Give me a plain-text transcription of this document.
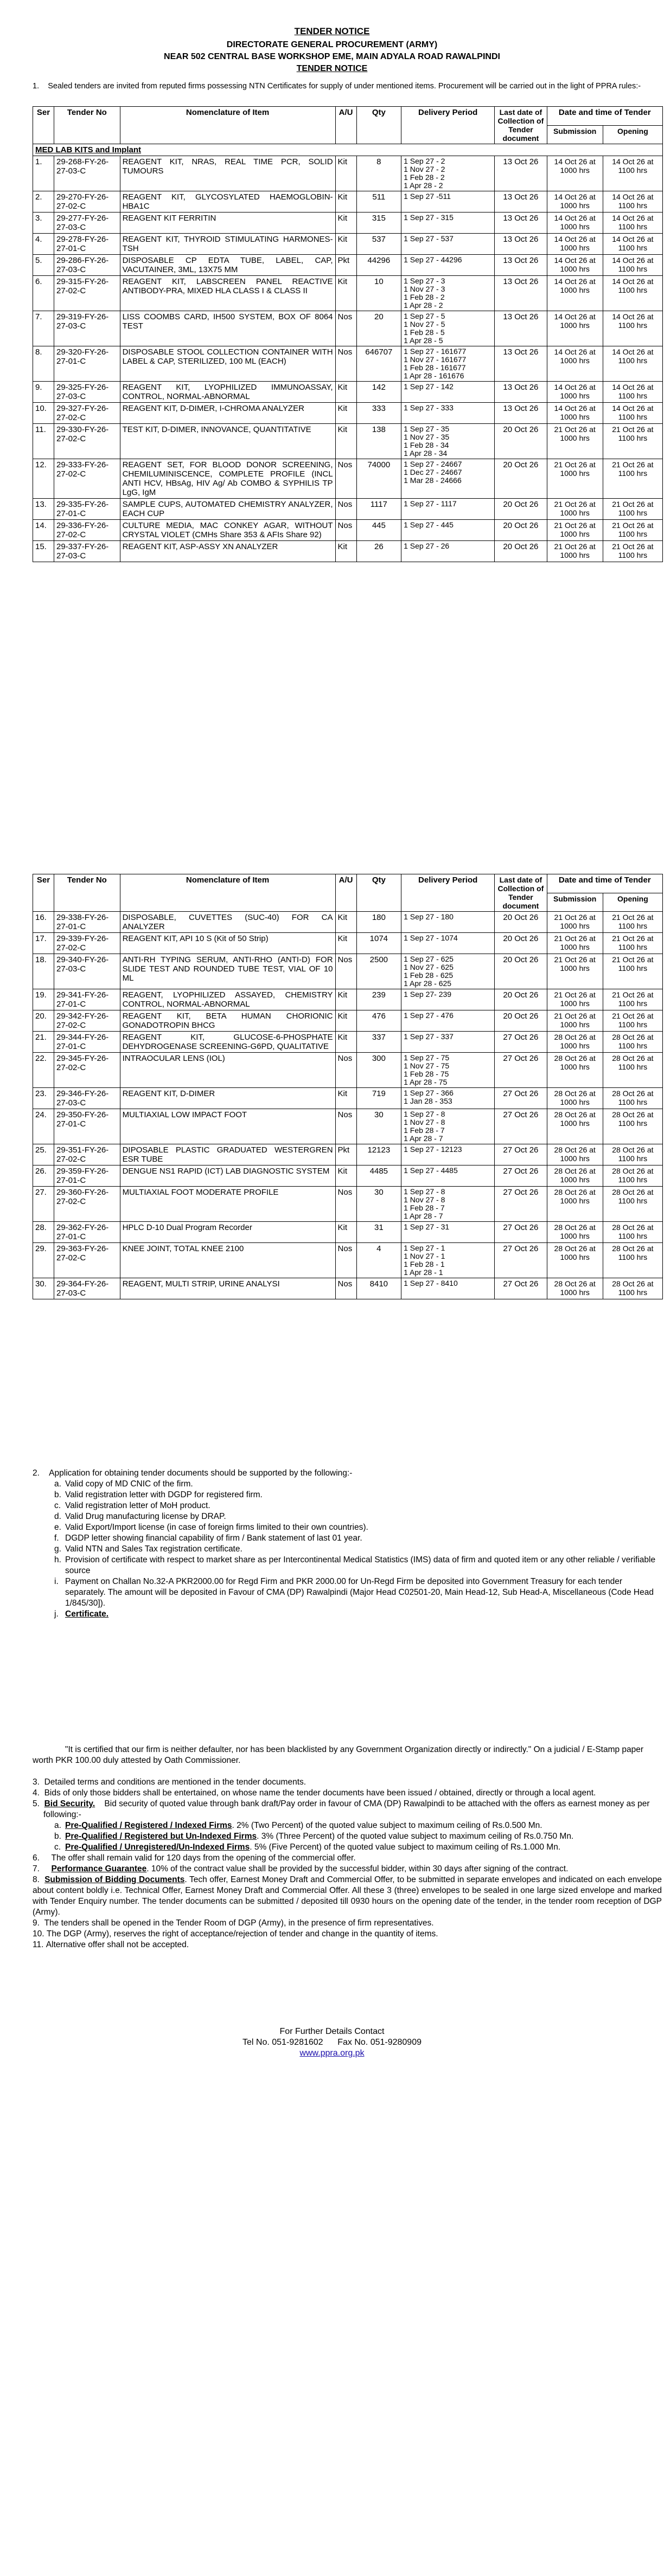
TENDER NOTICE
DIRECTORATE GENERAL PROCUREMENT (ARMY)
NEAR 502 CENTRAL BASE WORKSHOP EME, MAIN ADYALA ROAD RAWALPINDI
TENDER NOTICE
1. Sealed tenders are invited from reputed firms possessing NTN Certificates for supply of under mentioned items. Procurement will be carried out in the light of PPRA rules:-
Ser	Tender No	Nomenclature of Item	A/U	Qty	Delivery Period	Last date of Collection of Tender document	Date and time of Tender	
							Submission	Opening
MED LAB KITS and Implant								
1.	29-268-FY-26-27-03-C	REAGENT KIT, NRAS, REAL TIME PCR, SOLID TUMOURS	Kit	8	1 Sep 27 - 2
1 Nov 27 - 2
1 Feb 28 - 2
1 Apr 28 - 2	13 Oct 26	14 Oct 26 at 1000 hrs	14 Oct 26 at 1100 hrs
2.	29-270-FY-26-27-02-C	REAGENT KIT, GLYCOSYLATED HAEMOGLOBIN-HBA1C	Kit	511	1 Sep 27 -511	13 Oct 26	14 Oct 26 at 1000 hrs	14 Oct 26 at 1100 hrs
3.	29-277-FY-26-27-03-C	REAGENT KIT FERRITIN	Kit	315	1 Sep 27 - 315	13 Oct 26	14 Oct 26 at 1000 hrs	14 Oct 26 at 1100 hrs
4.	29-278-FY-26-27-01-C	REAGENT KIT, THYROID STIMULATING HARMONES-TSH	Kit	537	1 Sep 27 - 537	13 Oct 26	14 Oct 26 at 1000 hrs	14 Oct 26 at 1100 hrs
5.	29-286-FY-26-27-03-C	DISPOSABLE CP EDTA TUBE, LABEL, CAP, VACUTAINER, 3ML, 13X75 MM	Pkt	44296	1 Sep 27 - 44296	13 Oct 26	14 Oct 26 at 1000 hrs	14 Oct 26 at 1100 hrs
6.	29-315-FY-26-27-02-C	REAGENT KIT, LABSCREEN PANEL REACTIVE ANTIBODY-PRA, MIXED HLA CLASS I & CLASS II	Kit	10	1 Sep 27 - 3
1 Nov 27 - 3
1 Feb 28 - 2
1 Apr 28 - 2	13 Oct 26	14 Oct 26 at 1000 hrs	14 Oct 26 at 1100 hrs
7.	29-319-FY-26-27-03-C	LISS COOMBS CARD, IH500 SYSTEM, BOX OF 8064 TEST	Nos	20	1 Sep 27 - 5
1 Nov 27 - 5
1 Feb 28 - 5
1 Apr 28 - 5	13 Oct 26	14 Oct 26 at 1000 hrs	14 Oct 26 at 1100 hrs
8.	29-320-FY-26-27-01-C	DISPOSABLE STOOL COLLECTION CONTAINER WITH LABEL & CAP, STERILIZED, 100 ML (EACH)	Nos	646707	1 Sep 27 - 161677
1 Nov 27 - 161677
1 Feb 28 - 161677
1 Apr 28 - 161676	13 Oct 26	14 Oct 26 at 1000 hrs	14 Oct 26 at 1100 hrs
9.	29-325-FY-26-27-03-C	REAGENT KIT, LYOPHILIZED IMMUNOASSAY, CONTROL, NORMAL-ABNORMAL	Kit	142	1 Sep 27 - 142	13 Oct 26	14 Oct 26 at 1000 hrs	14 Oct 26 at 1100 hrs
10.	29-327-FY-26-27-02-C	REAGENT KIT, D-DIMER, I-CHROMA ANALYZER	Kit	333	1 Sep 27 - 333	13 Oct 26	14 Oct 26 at 1000 hrs	14 Oct 26 at 1100 hrs
11.	29-330-FY-26-27-02-C	TEST KIT, D-DIMER, INNOVANCE, QUANTITATIVE	Kit	138	1 Sep 27 - 35
1 Nov 27 - 35
1 Feb 28 - 34
1 Apr 28 - 34	20 Oct 26	21 Oct 26 at 1000 hrs	21 Oct 26 at 1100 hrs
12.	29-333-FY-26-27-02-C	REAGENT SET, FOR BLOOD DONOR SCREENING, CHEMILUMINISCENCE, COMPLETE PROFILE (INCL ANTI HCV, HBsAg, HIV Ag/ Ab COMBO & SYPHILIS TP LgG, IgM	Nos	74000	1 Sep 27 - 24667
1 Dec 27 - 24667
1 Mar 28 - 24666	20 Oct 26	21 Oct 26 at 1000 hrs	21 Oct 26 at 1100 hrs
13.	29-335-FY-26-27-01-C	SAMPLE CUPS, AUTOMATED CHEMISTRY ANALYZER, EACH CUP	Nos	1117	1 Sep 27 - 1117	20 Oct 26	21 Oct 26 at 1000 hrs	21 Oct 26 at 1100 hrs
14.	29-336-FY-26-27-02-C	CULTURE MEDIA, MAC CONKEY AGAR, WITHOUT CRYSTAL VIOLET (CMHs Share 353 & AFIs Share 92)	Nos	445	1 Sep 27 - 445	20 Oct 26	21 Oct 26 at 1000 hrs	21 Oct 26 at 1100 hrs
15.	29-337-FY-26-27-03-C	REAGENT KIT, ASP-ASSY XN ANALYZER	Kit	26	1 Sep 27 - 26	20 Oct 26	21 Oct 26 at 1000 hrs	21 Oct 26 at 1100 hrs
Ser	Tender No	Nomenclature of Item	A/U	Qty	Delivery Period	Last date of Collection of Tender document	Date and time of Tender	
							Submission	Opening
16.	29-338-FY-26-27-01-C	DISPOSABLE, CUVETTES (SUC-40) FOR CA ANALYZER	Kit	180	1 Sep 27 - 180	20 Oct 26	21 Oct 26 at 1000 hrs	21 Oct 26 at 1100 hrs
17.	29-339-FY-26-27-02-C	REAGENT KIT, API 10 S (Kit of 50 Strip)	Kit	1074	1 Sep 27 - 1074	20 Oct 26	21 Oct 26 at 1000 hrs	21 Oct 26 at 1100 hrs
18.	29-340-FY-26-27-03-C	ANTI-RH TYPING SERUM, ANTI-RHO (ANTI-D) FOR SLIDE TEST AND ROUNDED TUBE TEST, VIAL OF 10 ML	Nos	2500	1 Sep 27 - 625
1 Nov 27 - 625
1 Feb 28 - 625
1 Apr 28 - 625	20 Oct 26	21 Oct 26 at 1000 hrs	21 Oct 26 at 1100 hrs
19.	29-341-FY-26-27-01-C	REAGENT, LYOPHILIZED ASSAYED, CHEMISTRY CONTROL, NORMAL-ABNORMAL	Kit	239	1 Sep 27- 239	20 Oct 26	21 Oct 26 at 1000 hrs	21 Oct 26 at 1100 hrs
20.	29-342-FY-26-27-02-C	REAGENT KIT, BETA HUMAN CHORIONIC GONADOTROPIN BHCG	Kit	476	1 Sep 27 - 476	20 Oct 26	21 Oct 26 at 1000 hrs	21 Oct 26 at 1100 hrs
21.	29-344-FY-26-27-01-C	REAGENT KIT, GLUCOSE-6-PHOSPHATE DEHYDROGENASE SCREENING-G6PD, QUALITATIVE	Kit	337	1 Sep 27 - 337	27 Oct 26	28 Oct 26 at 1000 hrs	28 Oct 26 at 1100 hrs
22.	29-345-FY-26-27-02-C	INTRAOCULAR LENS (IOL)	Nos	300	1 Sep 27 - 75
1 Nov 27 - 75
1 Feb 28 - 75
1 Apr 28 - 75	27 Oct 26	28 Oct 26 at 1000 hrs	28 Oct 26 at 1100 hrs
23.	29-346-FY-26-27-03-C	REAGENT KIT, D-DIMER	Kit	719	1 Sep 27 - 366
1 Jan 28 - 353	27 Oct 26	28 Oct 26 at 1000 hrs	28 Oct 26 at 1100 hrs
24.	29-350-FY-26-27-01-C	MULTIAXIAL LOW IMPACT FOOT	Nos	30	1 Sep 27 - 8
1 Nov 27 - 8
1 Feb 28 - 7
1 Apr 28 - 7	27 Oct 26	28 Oct 26 at 1000 hrs	28 Oct 26 at 1100 hrs
25.	29-351-FY-26-27-02-C	DIPOSABLE PLASTIC GRADUATED WESTERGREN ESR TUBE	Pkt	12123	1 Sep 27 - 12123	27 Oct 26	28 Oct 26 at 1000 hrs	28 Oct 26 at 1100 hrs
26.	29-359-FY-26-27-01-C	DENGUE NS1 RAPID (ICT) LAB DIAGNOSTIC SYSTEM	Kit	4485	1 Sep 27 - 4485	27 Oct 26	28 Oct 26 at 1000 hrs	28 Oct 26 at 1100 hrs
27.	29-360-FY-26-27-02-C	MULTIAXIAL FOOT MODERATE PROFILE	Nos	30	1 Sep 27 - 8
1 Nov 27 - 8
1 Feb 28 - 7
1 Apr 28 - 7	27 Oct 26	28 Oct 26 at 1000 hrs	28 Oct 26 at 1100 hrs
28.	29-362-FY-26-27-01-C	HPLC D-10 Dual Program Recorder	Kit	31	1 Sep 27 - 31	27 Oct 26	28 Oct 26 at 1000 hrs	28 Oct 26 at 1100 hrs
29.	29-363-FY-26-27-02-C	KNEE JOINT, TOTAL KNEE 2100	Nos	4	1 Sep 27 - 1
1 Nov 27 - 1
1 Feb 28 - 1
1 Apr 28 - 1	27 Oct 26	28 Oct 26 at 1000 hrs	28 Oct 26 at 1100 hrs
30.	29-364-FY-26-27-03-C	REAGENT, MULTI STRIP, URINE ANALYSI	Nos	8410	1 Sep 27 - 8410	27 Oct 26	28 Oct 26 at 1000 hrs	28 Oct 26 at 1100 hrs

2. Application for obtaining tender documents should be supported by the following:-

a. Valid copy of MD CNIC of the firm.

b. Valid registration letter with DGDP for registered firm.

c. Valid registration letter of MoH product.

d. Valid Drug manufacturing license by DRAP.

e. Valid Export/Import license (in case of foreign firms limited to their own countries).

f. DGDP letter showing financial capability of firm / Bank statement of last 01 year.

g. Valid NTN and Sales Tax registration certificate.

h. Provision of certificate with respect to market share as per Intercontinental Medical Statistics (IMS) data of firm and quoted item or any other reliable / verifiable source

i. Payment on Challan No.32-A PKR2000.00 for Regd Firm and PKR 2000.00 for Un-Regd Firm be deposited into Government Treasury for each tender separately. The amount will be deposited in Favour of CMA (DP) Rawalpindi (Major Head C02501-20, Main Head-12, Sub Head-A, Miscellaneous (Code Head 1/845/30]).

j. Certificate.

"It is certified that our firm is neither defaulter, nor has been blacklisted by any Government Organization directly or indirectly." On a judicial / E-Stamp paper worth PKR 100.00 duly attested by Oath Commissioner.

3. Detailed terms and conditions are mentioned in the tender documents.

4. Bids of only those bidders shall be entertained, on whose name the tender documents have been issued / obtained, directly or through a local agent.

5. Bid Security. Bid security of quoted value through bank draft/Pay order in favour of CMA (DP) Rawalpindi to be attached with the offers as earnest money as per following:-

a. Pre-Qualified / Registered / Indexed Firms. 2% (Two Percent) of the quoted value subject to maximum ceiling of Rs.0.500 Mn.

b. Pre-Qualified / Registered but Un-Indexed Firms. 3% (Three Percent) of the quoted value subject to maximum ceiling of Rs.0.750 Mn.

c. Pre-Qualified / Unregistered/Un-Indexed Firms. 5% (Five Percent) of the quoted value subject to maximum ceiling of Rs.1.000 Mn.

6. The offer shall remain valid for 120 days from the opening of the commercial offer.

7. Performance Guarantee. 10% of the contract value shall be provided by the successful bidder, within 30 days after signing of the contract.

8. Submission of Bidding Documents. Tech offer, Earnest Money Draft and Commercial Offer, to be submitted in separate envelopes and indicated on each envelope about content boldly i.e. Technical Offer, Earnest Money Draft and Commercial Offer. All these 3 (three) envelopes to be sealed in one large sized envelope and marked with Tender Enquiry number. The tender documents can be submitted / deposited till 0930 hours on the opening date of the tender, in the tender room reception of DGP (Army).

9. The tenders shall be opened in the Tender Room of DGP (Army), in the presence of firm representatives.

10. The DGP (Army), reserves the right of acceptance/rejection of tender and change in the quantity of items.

11. Alternative offer shall not be accepted.

For Further Details Contact
Tel No. 051-9281602      Fax No. 051-9280909
www.ppra.org.pk
